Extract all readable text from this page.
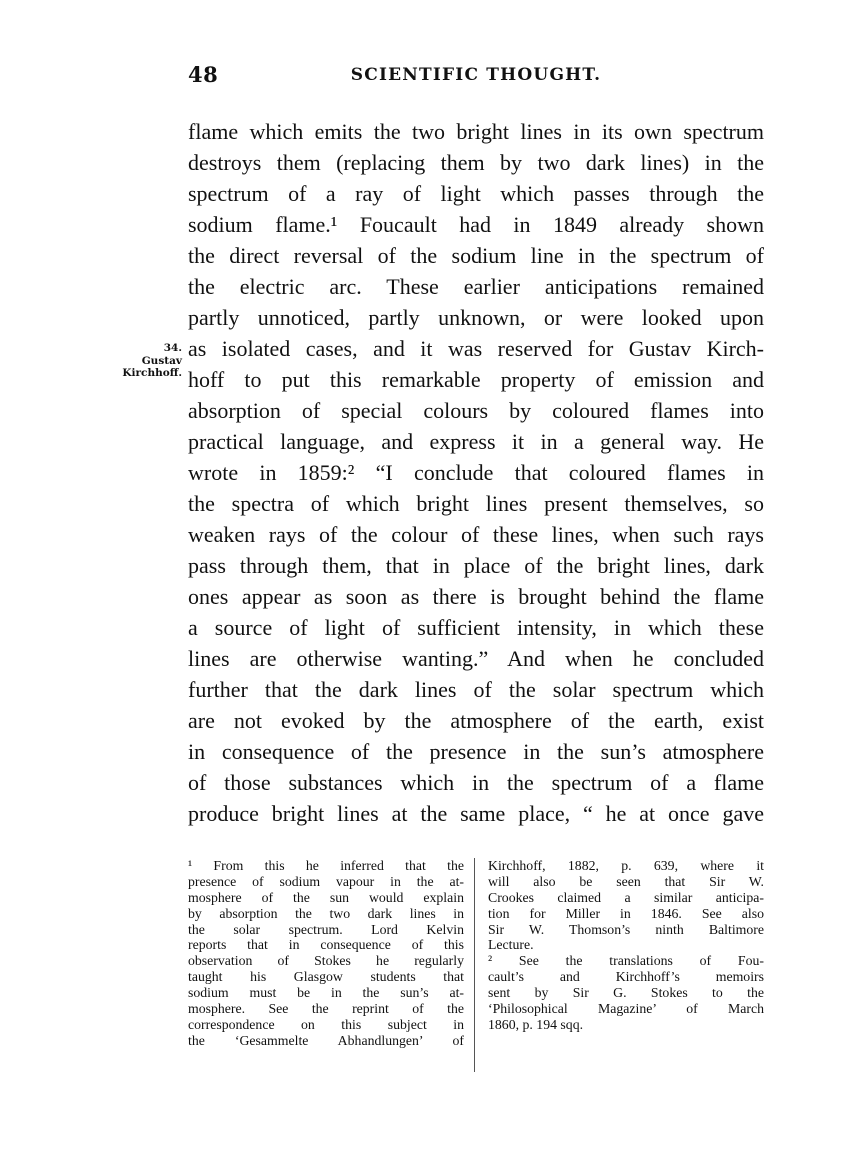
48	SCIENTIFIC THOUGHT.
34.
Gustav
Kirchhoff.
flame which emits the two bright lines in its own spectrum
destroys them (replacing them by two dark lines) in the
spectrum of a ray of light which passes through the
sodium flame.¹ Foucault had in 1849 already shown
the direct reversal of the sodium line in the spectrum of
the electric arc. These earlier anticipations remained
partly unnoticed, partly unknown, or were looked upon
as isolated cases, and it was reserved for Gustav Kirch-
hoff to put this remarkable property of emission and
absorption of special colours by coloured flames into
practical language, and express it in a general way. He
wrote in 1859:² “I conclude that coloured flames in
the spectra of which bright lines present themselves, so
weaken rays of the colour of these lines, when such rays
pass through them, that in place of the bright lines, dark
ones appear as soon as there is brought behind the flame
a source of light of sufficient intensity, in which these
lines are otherwise wanting.” And when he concluded
further that the dark lines of the solar spectrum which
are not evoked by the atmosphere of the earth, exist
in consequence of the presence in the sun’s atmosphere
of those substances which in the spectrum of a flame
produce bright lines at the same place, “ he at once gave
¹ From this he inferred that the
presence of sodium vapour in the at-
mosphere of the sun would explain
by absorption the two dark lines in
the solar spectrum. Lord Kelvin
reports that in consequence of this
observation of Stokes he regularly
taught his Glasgow students that
sodium must be in the sun’s at-
mosphere. See the reprint of the
correspondence on this subject in
the ‘Gesammelte Abhandlungen’ of
Kirchhoff, 1882, p. 639, where it
will also be seen that Sir W.
Crookes claimed a similar anticipa-
tion for Miller in 1846. See also
Sir W. Thomson’s ninth Baltimore
Lecture.
² See the translations of Fou-
cault’s and Kirchhoff’s memoirs
sent by Sir G. Stokes to the
‘Philosophical Magazine’ of March
1860, p. 194 sqq.
